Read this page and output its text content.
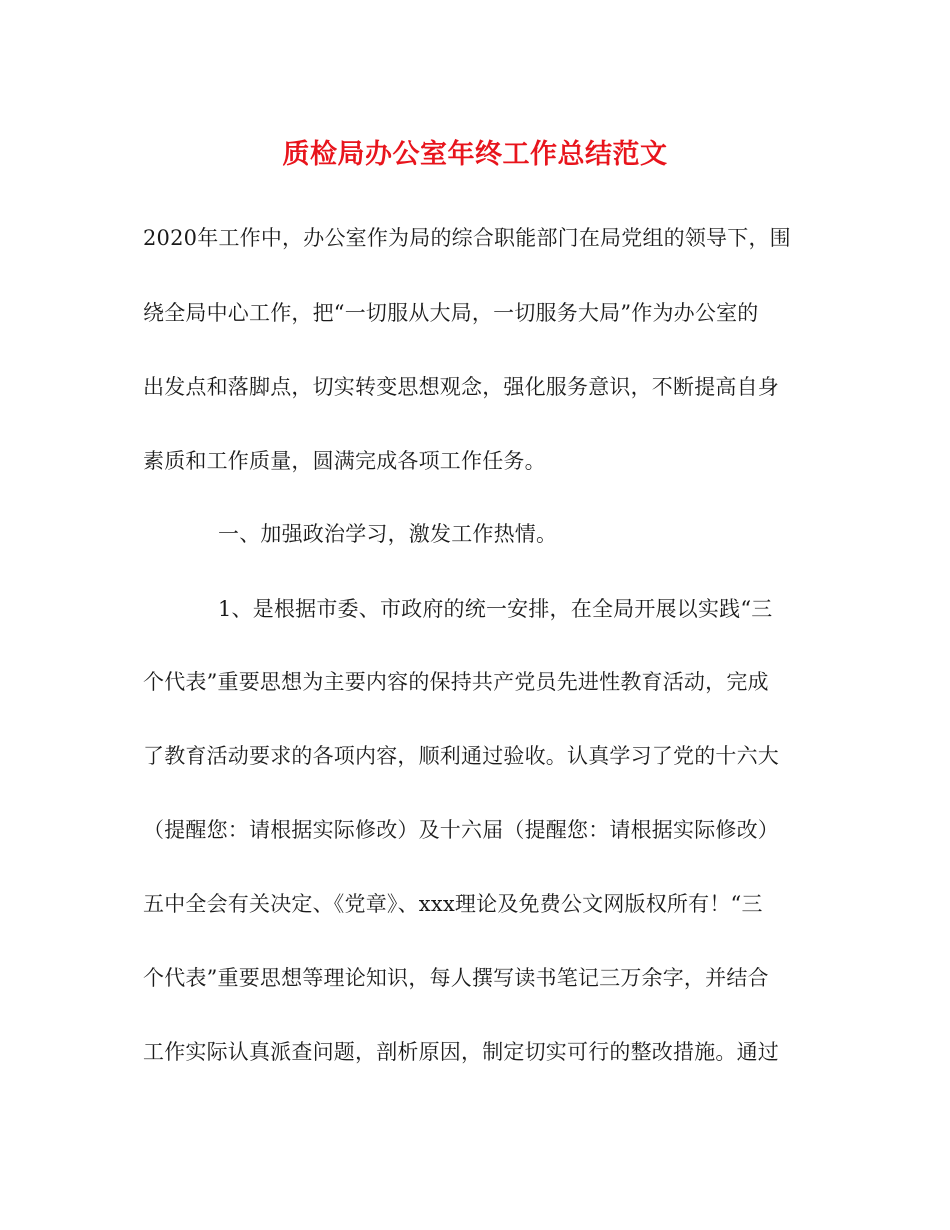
质检局办公室年终工作总结范文
2020年工作中，办公室作为局的综合职能部门在局党组的领导下，围
绕全局中心工作，把“一切服从大局，一切服务大局”作为办公室的
出发点和落脚点，切实转变思想观念，强化服务意识，不断提高自身
素质和工作质量，圆满完成各项工作任务。
一、加强政治学习，激发工作热情。
1、是根据市委、市政府的统一安排，在全局开展以实践“三
个代表”重要思想为主要内容的保持共产党员先进性教育活动，完成
了教育活动要求的各项内容，顺利通过验收。认真学习了党的十六大
（提醒您：请根据实际修改）及十六届（提醒您：请根据实际修改）
五中全会有关决定、《党章》、xxx理论及免费公文网版权所有！“三
个代表”重要思想等理论知识，每人撰写读书笔记三万余字，并结合
工作实际认真派查问题，剖析原因，制定切实可行的整改措施。通过
